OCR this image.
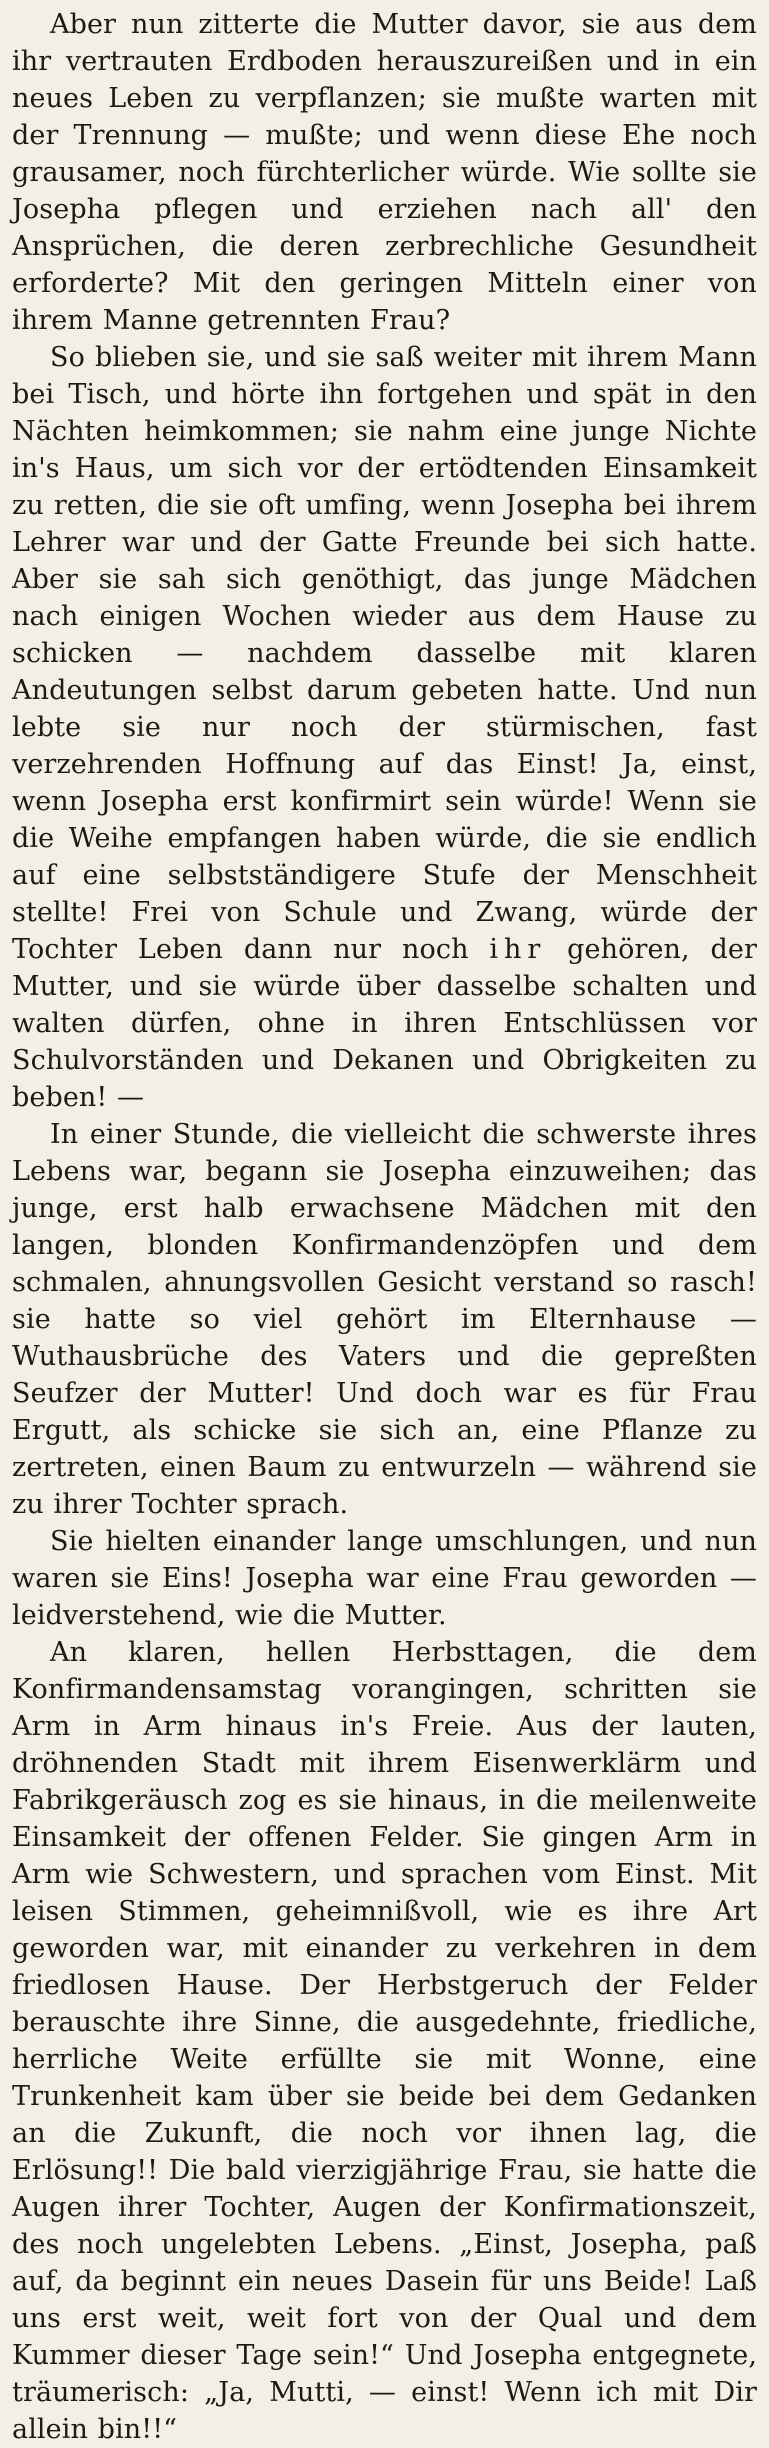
Aber nun zitterte die Mutter davor, sie aus dem ihr vertrauten Erdboden herauszureißen und in ein neues Leben zu verpflanzen; sie mußte warten mit der Trennung — mußte; und wenn diese Ehe noch grausamer, noch fürchterlicher würde. Wie sollte sie Josepha pflegen und erziehen nach all' den Ansprüchen, die deren zerbrechliche Gesundheit erforderte? Mit den geringen Mitteln einer von ihrem Manne getrennten Frau?

So blieben sie, und sie saß weiter mit ihrem Mann bei Tisch, und hörte ihn fortgehen und spät in den Nächten heimkommen; sie nahm eine junge Nichte in's Haus, um sich vor der ertödtenden Einsamkeit zu retten, die sie oft umfing, wenn Josepha bei ihrem Lehrer war und der Gatte Freunde bei sich hatte. Aber sie sah sich genöthigt, das junge Mädchen nach einigen Wochen wieder aus dem Hause zu schicken — nachdem dasselbe mit klaren Andeutungen selbst darum gebeten hatte. Und nun lebte sie nur noch der stürmischen, fast verzehrenden Hoffnung auf das Einst! Ja, einst, wenn Josepha erst konfirmirt sein würde! Wenn sie die Weihe empfangen haben würde, die sie endlich auf eine selbstständigere Stufe der Menschheit stellte! Frei von Schule und Zwang, würde der Tochter Leben dann nur noch ihr gehören, der Mutter, und sie würde über dasselbe schalten und walten dürfen, ohne in ihren Entschlüssen vor Schulvorständen und Dekanen und Obrigkeiten zu beben! —

In einer Stunde, die vielleicht die schwerste ihres Lebens war, begann sie Josepha einzuweihen; das junge, erst halb erwachsene Mädchen mit den langen, blonden Konfirmandenzöpfen und dem schmalen, ahnungsvollen Gesicht verstand so rasch! sie hatte so viel gehört im Elternhause — Wuthausbrüche des Vaters und die gepreßten Seufzer der Mutter! Und doch war es für Frau Ergutt, als schicke sie sich an, eine Pflanze zu zertreten, einen Baum zu entwurzeln — während sie zu ihrer Tochter sprach.

Sie hielten einander lange umschlungen, und nun waren sie Eins! Josepha war eine Frau geworden — leidverstehend, wie die Mutter.

An klaren, hellen Herbsttagen, die dem Konfirmandensamstag vorangingen, schritten sie Arm in Arm hinaus in's Freie. Aus der lauten, dröhnenden Stadt mit ihrem Eisenwerklärm und Fabrikgeräusch zog es sie hinaus, in die meilenweite Einsamkeit der offenen Felder. Sie gingen Arm in Arm wie Schwestern, und sprachen vom Einst. Mit leisen Stimmen, geheimnißvoll, wie es ihre Art geworden war, mit einander zu verkehren in dem friedlosen Hause. Der Herbstgeruch der Felder berauschte ihre Sinne, die ausgedehnte, friedliche, herrliche Weite erfüllte sie mit Wonne, eine Trunkenheit kam über sie beide bei dem Gedanken an die Zukunft, die noch vor ihnen lag, die Erlösung!! Die bald vierzigjährige Frau, sie hatte die Augen ihrer Tochter, Augen der Konfirmationszeit, des noch ungelebten Lebens. „Einst, Josepha, paß auf, da beginnt ein neues Dasein für uns Beide! Laß uns erst weit, weit fort von der Qual und dem Kummer dieser Tage sein!“ Und Josepha entgegnete, träumerisch: „Ja, Mutti, — einst! Wenn ich mit Dir allein bin!!“
